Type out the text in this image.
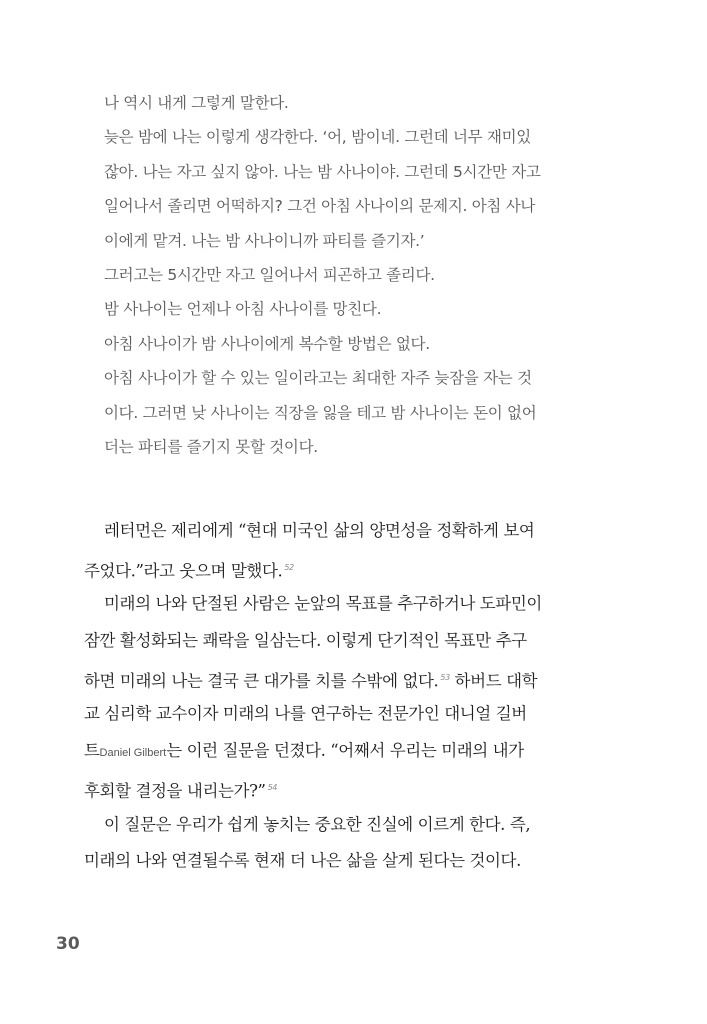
나 역시 내게 그렇게 말한다.
늦은 밤에 나는 이렇게 생각한다. ‘어, 밤이네. 그런데 너무 재미있
잖아. 나는 자고 싶지 않아. 나는 밤 사나이야. 그런데 5시간만 자고
일어나서 졸리면 어떡하지? 그건 아침 사나이의 문제지. 아침 사나
이에게 맡겨. 나는 밤 사나이니까 파티를 즐기자.’
그러고는 5시간만 자고 일어나서 피곤하고 졸리다.
밤 사나이는 언제나 아침 사나이를 망친다.
아침 사나이가 밤 사나이에게 복수할 방법은 없다.
아침 사나이가 할 수 있는 일이라고는 최대한 자주 늦잠을 자는 것
이다. 그러면 낮 사나이는 직장을 잃을 테고 밤 사나이는 돈이 없어
더는 파티를 즐기지 못할 것이다.
레터먼은 제리에게 “현대 미국인 삶의 양면성을 정확하게 보여
주었다.”라고 웃으며 말했다. $^{52}$
미래의 나와 단절된 사람은 눈앞의 목표를 추구하거나 도파민이
잠깐 활성화되는 쾌락을 일삼는다. 이렇게 단기적인 목표만 추구
하면 미래의 나는 결국 큰 대가를 치를 수밖에 없다. $^{53}$ 하버드 대학
교 심리학 교수이자 미래의 나를 연구하는 전문가인 대니얼 길버
트Daniel Gilbert는 이런 질문을 던졌다. “어째서 우리는 미래의 내가
후회할 결정을 내리는가?” $^{54}$
이 질문은 우리가 쉽게 놓치는 중요한 진실에 이르게 한다. 즉,
미래의 나와 연결될수록 현재 더 나은 삶을 살게 된다는 것이다.
30
